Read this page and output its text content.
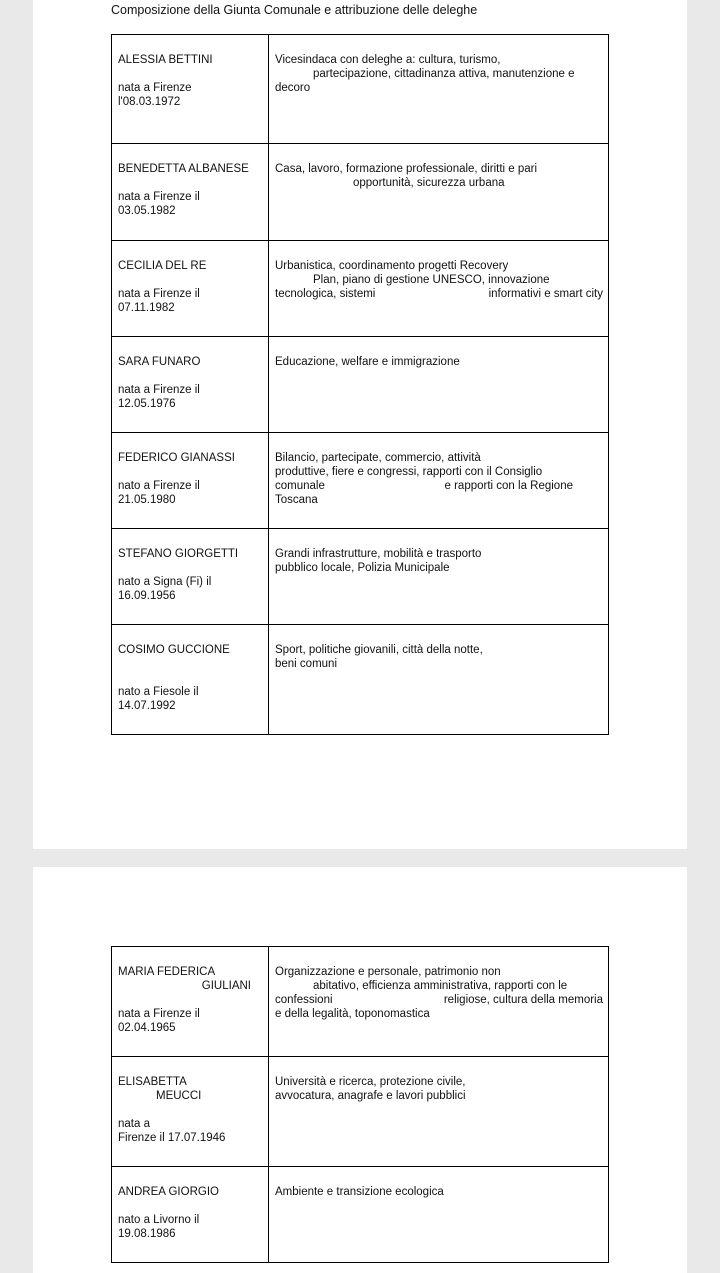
Composizione della Giunta Comunale e attribuzione delle deleghe
ALESSIA BETTINI
nata a Firenze
l'08.03.1972	Vicesindaca con deleghe a: cultura, turismo,
partecipazione, cittadinanza attiva, manutenzione e
decoro

BENEDETTA ALBANESE
nata a Firenze il
03.05.1982	Casa, lavoro, formazione professionale, diritti e pari
opportunità, sicurezza urbana

CECILIA DEL RE
nata a Firenze il
07.11.1982	Urbanistica, coordinamento progetti Recovery
Plan, piano di gestione UNESCO, innovazione
tecnologica, sistemi informativi e smart city

SARA FUNARO
nata a Firenze il
12.05.1976	Educazione, welfare e immigrazione

FEDERICO GIANASSI
nato a Firenze il
21.05.1980	Bilancio, partecipate, commercio, attività
produttive, fiere e congressi, rapporti con il Consiglio
comunale e rapporti con la Regione
Toscana

STEFANO GIORGETTI
nato a Signa (Fi) il
16.09.1956	Grandi infrastrutture, mobilità e trasporto
pubblico locale, Polizia Municipale

COSIMO GUCCIONE
nato a Fiesole il
14.07.1992	Sport, politiche giovanili, città della notte,
beni comuni
MARIA FEDERICA
GIULIANI
nata a Firenze il
02.04.1965	Organizzazione e personale, patrimonio non
abitativo, efficienza amministrativa, rapporti con le
confessioni religiose, cultura della memoria
e della legalità, toponomastica

ELISABETTA
MEUCCI
nata a
Firenze il 17.07.1946	Università e ricerca, protezione civile,
avvocatura, anagrafe e lavori pubblici

ANDREA GIORGIO
nato a Livorno il
19.08.1986	Ambiente e transizione ecologica
